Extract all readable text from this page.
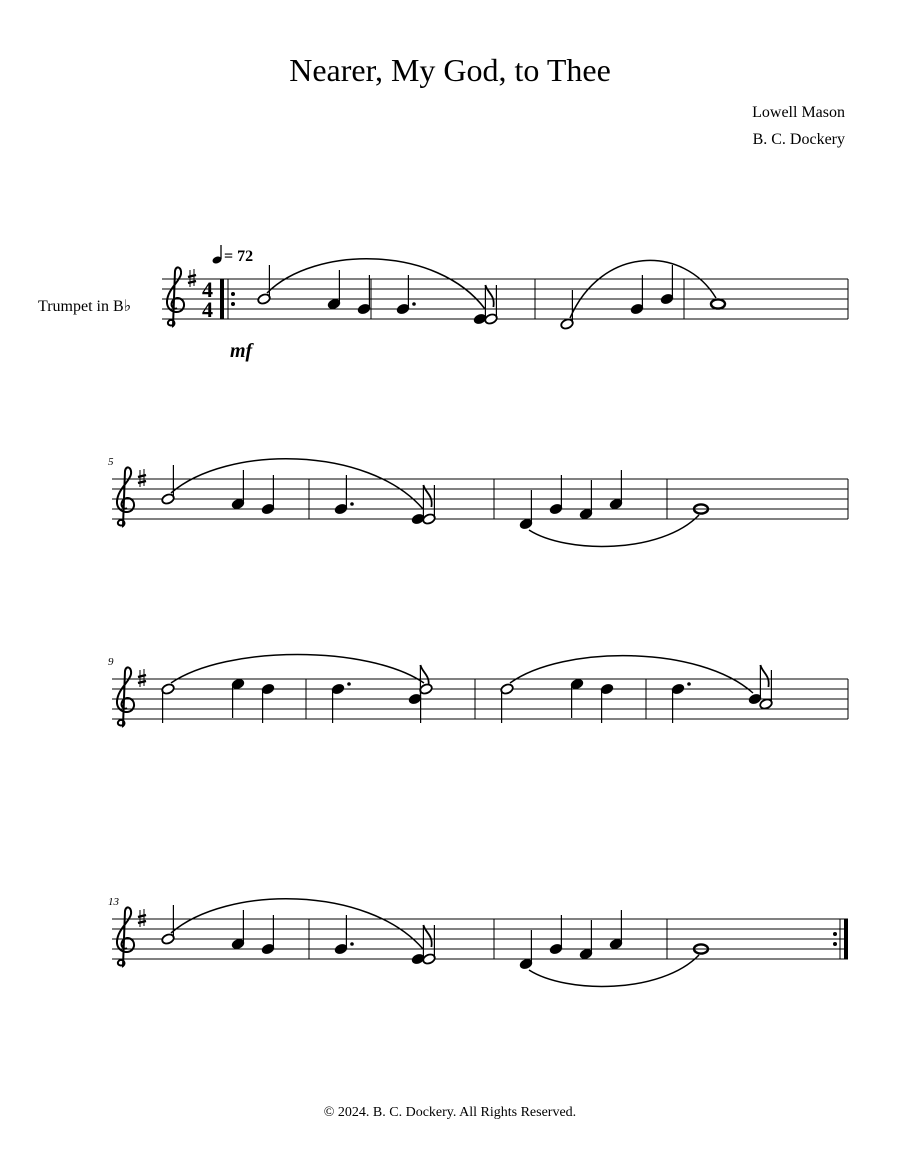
Nearer, My God, to Thee
Lowell Mason
B. C. Dockery
Trumpet in B♭
= 72
4
4
mf
5
9
13
© 2024. B. C. Dockery. All Rights Reserved.
